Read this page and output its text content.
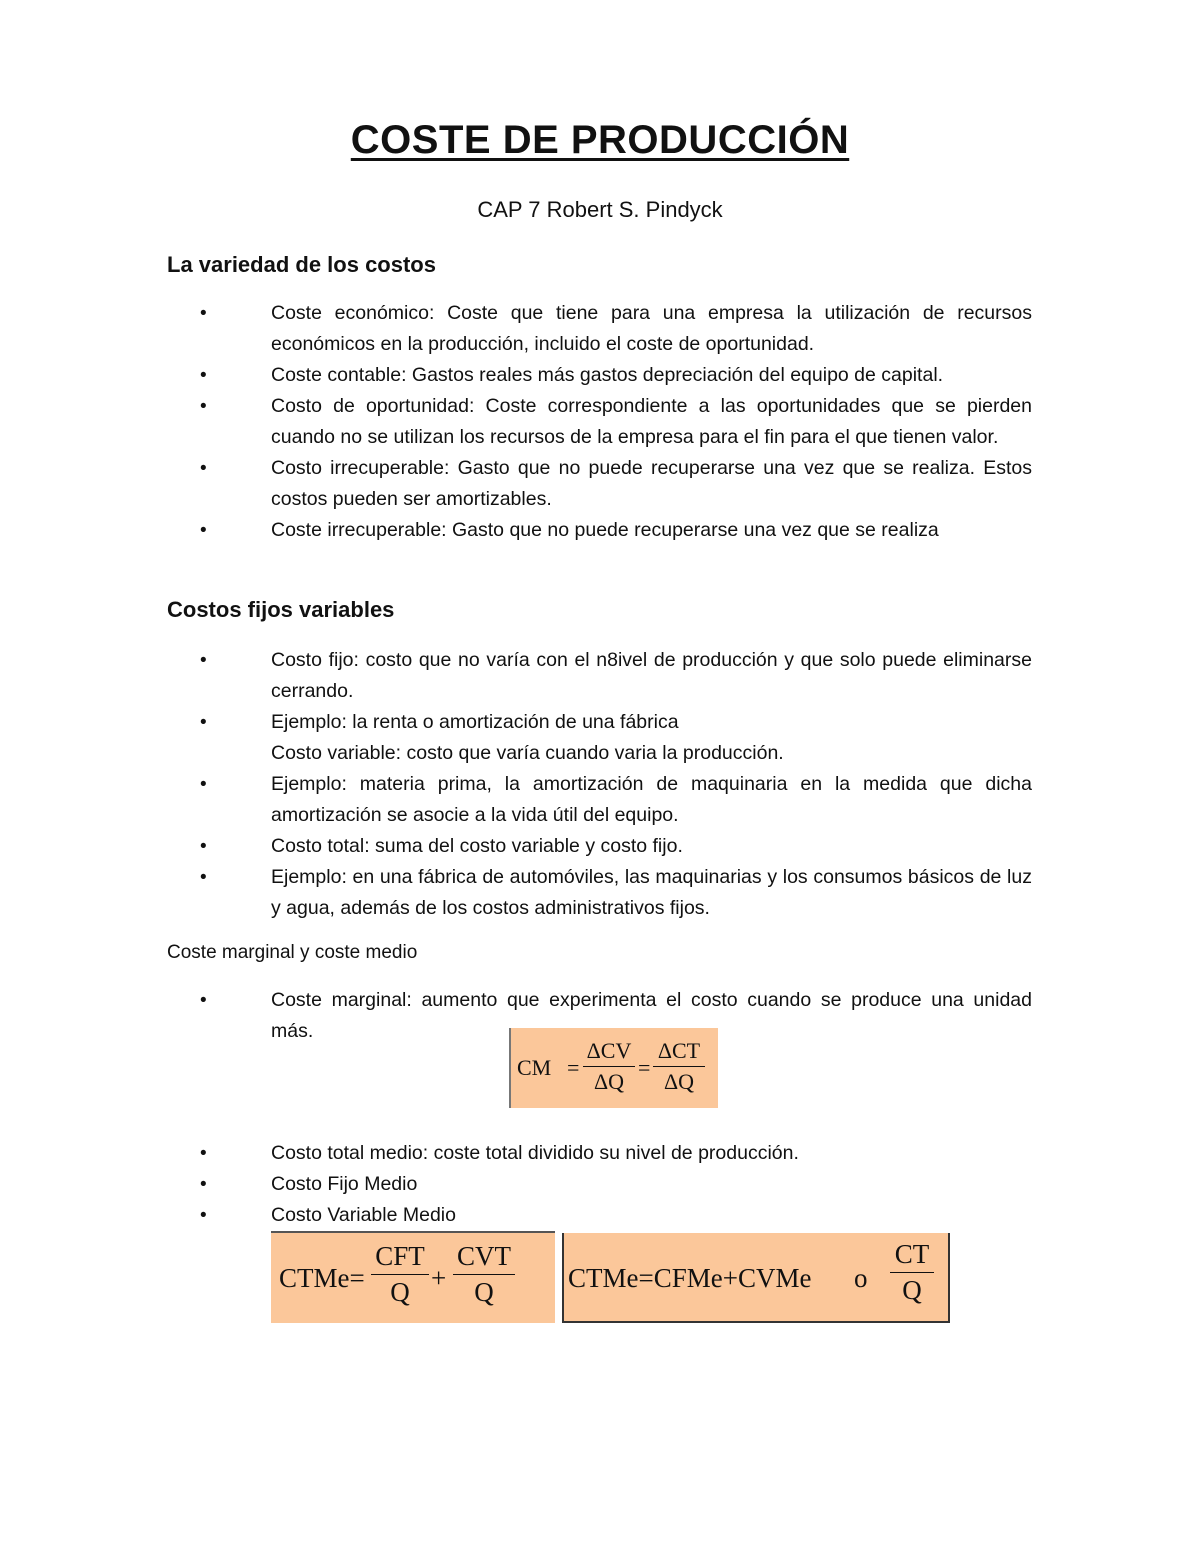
COSTE DE PRODUCCIÓN

CAP 7 Robert S. Pindyck

La variedad de los costos
•	Coste económico: Coste que tiene para una empresa la utilización de recursos económicos en la producción, incluido el coste de oportunidad.
•	Coste contable: Gastos reales más gastos depreciación del equipo de capital.
•	Costo de oportunidad: Coste correspondiente a las oportunidades que se pierden cuando no se utilizan los recursos de la empresa para el fin para el que tienen valor.
•	Costo irrecuperable: Gasto que no puede recuperarse una vez que se realiza. Estos costos pueden ser amortizables.
•	Coste irrecuperable: Gasto que no puede recuperarse una vez que se realiza
Costos fijos variables
•	Costo fijo: costo que no varía con el n8ivel de producción y que solo puede eliminarse cerrando.
•	Ejemplo: la renta o amortización de una fábrica
Costo variable: costo que varía cuando varia la producción.
•	Ejemplo: materia prima, la amortización de maquinaria en la medida que dicha amortización se asocie a la vida útil del equipo.
•	Costo total: suma del costo variable y costo fijo.
•	Ejemplo: en una fábrica de automóviles, las maquinarias y los consumos básicos de luz y agua, además de los costos administrativos fijos.

Coste marginal y coste medio

•	Coste marginal: aumento que experimenta el costo cuando se produce una unidad más.
CM =
ΔCV
ΔQ
=
ΔCT
ΔQ
•	Costo total medio: coste total dividido su nivel de producción.
•	Costo Fijo Medio
•	Costo Variable Medio
CTMe=
CFT
Q +
CVT
Q	CTMe=CFMe+CVMe o
CT
Q
